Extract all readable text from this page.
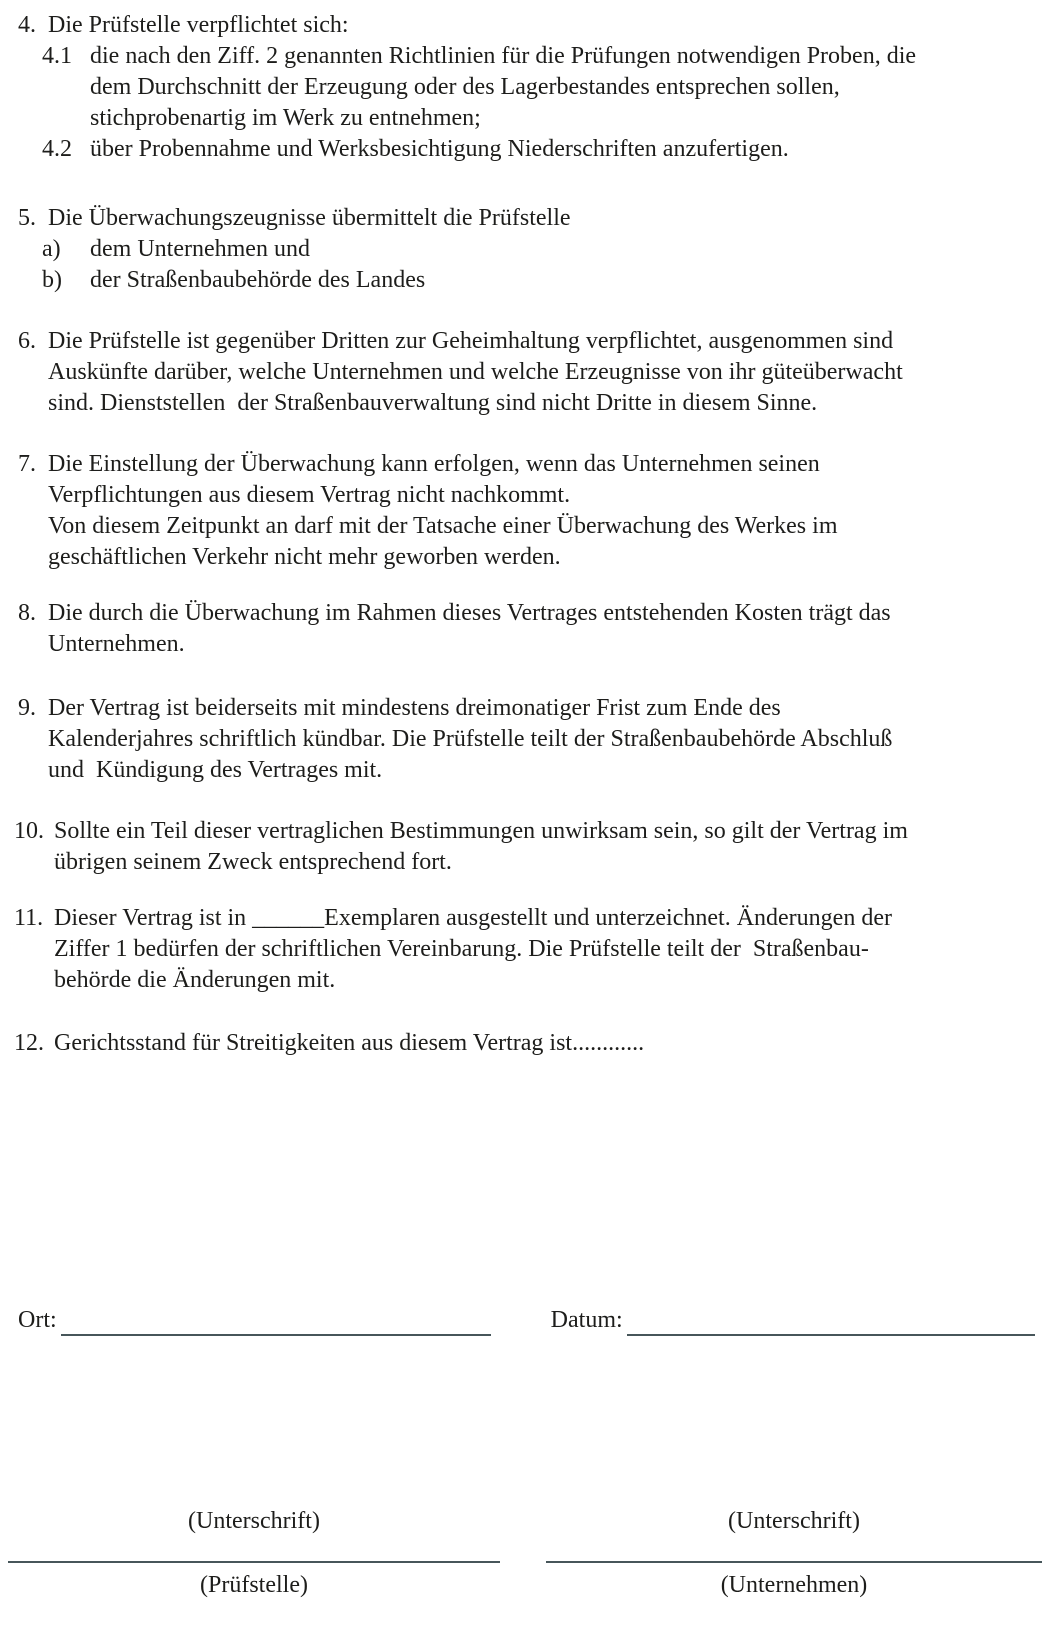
4. Die Prüfstelle verpflichtet sich:
4.1 die nach den Ziff. 2 genannten Richtlinien für die Prüfungen notwendigen Proben, die
dem Durchschnitt der Erzeugung oder des Lagerbestandes entsprechen sollen,
stichprobenartig im Werk zu entnehmen;
4.2 über Probennahme und Werksbesichtigung Niederschriften anzufertigen.
5. Die Überwachungszeugnisse übermittelt die Prüfstelle
a)	dem Unternehmen und
b)	der Straßenbaubehörde des Landes
6. Die Prüfstelle ist gegenüber Dritten zur Geheimhaltung verpflichtet, ausgenommen sind
Auskünfte darüber, welche Unternehmen und welche Erzeugnisse von ihr güteüberwacht
sind. Dienststellen  der Straßenbauverwaltung sind nicht Dritte in diesem Sinne.
7. Die Einstellung der Überwachung kann erfolgen, wenn das Unternehmen seinen
Verpflichtungen aus diesem Vertrag nicht nachkommt.
Von diesem Zeitpunkt an darf mit der Tatsache einer Überwachung des Werkes im
geschäftlichen Verkehr nicht mehr geworben werden.
8. Die durch die Überwachung im Rahmen dieses Vertrages entstehenden Kosten trägt das
Unternehmen.
9. Der Vertrag ist beiderseits mit mindestens dreimonatiger Frist zum Ende des
Kalenderjahres schriftlich kündbar. Die Prüfstelle teilt der Straßenbaubehörde Abschluß
und  Kündigung des Vertrages mit.
10. Sollte ein Teil dieser vertraglichen Bestimmungen unwirksam sein, so gilt der Vertrag im
übrigen seinem Zweck entsprechend fort.
11. Dieser Vertrag ist in ______Exemplaren ausgestellt und unterzeichnet. Änderungen der
Ziffer 1 bedürfen der schriftlichen Vereinbarung. Die Prüfstelle teilt der  Straßenbau-
behörde die Änderungen mit.
12. Gerichtsstand für Streitigkeiten aus diesem Vertrag ist............
Ort:	Datum:
(Unterschrift)	(Unterschrift)
(Prüfstelle)	(Unternehmen)
